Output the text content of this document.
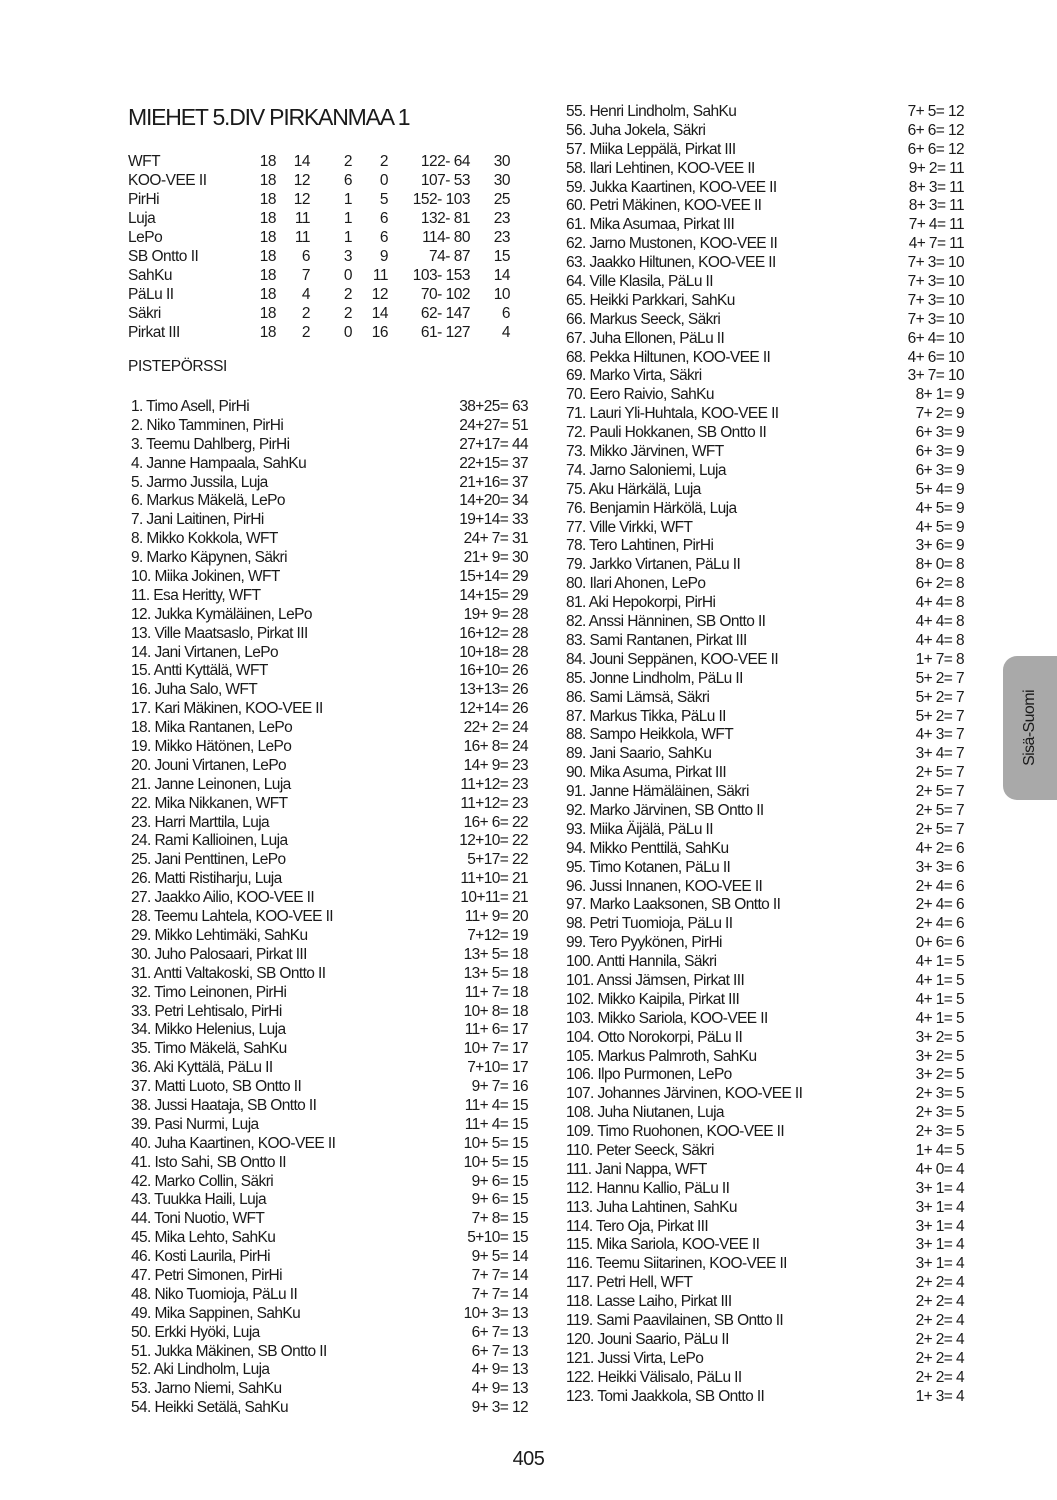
MIEHET 5.DIV PIRKANMAA 1
WFT	18	14	2	2	122- 64	30
KOO-VEE II	18	12	6	0	107- 53	30
PirHi	18	12	1	5	152- 103	25
Luja	18	11	1	6	132- 81	23
LePo	18	11	1	6	114- 80	23
SB Ontto II	18	6	3	9	74- 87	15
SahKu	18	7	0	11	103- 153	14
PäLu II	18	4	2	12	70- 102	10
Säkri	18	2	2	14	62- 147	6
Pirkat III	18	2	0	16	61- 127	4
PISTEPÖRSSI
1. Timo Asell, PirHi	38+25= 63
2. Niko Tamminen, PirHi	24+27= 51
3. Teemu Dahlberg, PirHi	27+17= 44
4. Janne Hampaala, SahKu	22+15= 37
5. Jarmo Jussila, Luja	21+16= 37
6. Markus Mäkelä, LePo	14+20= 34
7. Jani Laitinen, PirHi	19+14= 33
8. Mikko Kokkola, WFT	24+ 7= 31
9. Marko Käpynen, Säkri	21+ 9= 30
10. Miika Jokinen, WFT	15+14= 29
11. Esa Heritty, WFT	14+15= 29
12. Jukka Kymäläinen, LePo	19+ 9= 28
13. Ville Maatsaslo, Pirkat III	16+12= 28
14. Jani Virtanen, LePo	10+18= 28
15. Antti Kyttälä, WFT	16+10= 26
16. Juha Salo, WFT	13+13= 26
17. Kari Mäkinen, KOO-VEE II	12+14= 26
18. Mika Rantanen, LePo	22+ 2= 24
19. Mikko Hätönen, LePo	16+ 8= 24
20. Jouni Virtanen, LePo	14+ 9= 23
21. Janne Leinonen, Luja	11+12= 23
22. Mika Nikkanen, WFT	11+12= 23
23. Harri Marttila, Luja	16+ 6= 22
24. Rami Kallioinen, Luja	12+10= 22
25. Jani Penttinen, LePo	5+17= 22
26. Matti Ristiharju, Luja	11+10= 21
27. Jaakko Ailio, KOO-VEE II	10+11= 21
28. Teemu Lahtela, KOO-VEE II	11+ 9= 20
29. Mikko Lehtimäki, SahKu	7+12= 19
30. Juho Palosaari, Pirkat III	13+ 5= 18
31. Antti Valtakoski, SB Ontto II	13+ 5= 18
32. Timo Leinonen, PirHi	11+ 7= 18
33. Petri Lehtisalo, PirHi	10+ 8= 18
34. Mikko Helenius, Luja	11+ 6= 17
35. Timo Mäkelä, SahKu	10+ 7= 17
36. Aki Kyttälä, PäLu II	7+10= 17
37. Matti Luoto, SB Ontto II	9+ 7= 16
38. Jussi Haataja, SB Ontto II	11+ 4= 15
39. Pasi Nurmi, Luja	11+ 4= 15
40. Juha Kaartinen, KOO-VEE II	10+ 5= 15
41. Isto Sahi, SB Ontto II	10+ 5= 15
42. Marko Collin, Säkri	9+ 6= 15
43. Tuukka Haili, Luja	9+ 6= 15
44. Toni Nuotio, WFT	7+ 8= 15
45. Mika Lehto, SahKu	5+10= 15
46. Kosti Laurila, PirHi	9+ 5= 14
47. Petri Simonen, PirHi	7+ 7= 14
48. Niko Tuomioja, PäLu II	7+ 7= 14
49. Mika Sappinen, SahKu	10+ 3= 13
50. Erkki Hyöki, Luja	6+ 7= 13
51. Jukka Mäkinen, SB Ontto II	6+ 7= 13
52. Aki Lindholm, Luja	4+ 9= 13
53. Jarno Niemi, SahKu	4+ 9= 13
54. Heikki Setälä, SahKu	9+ 3= 12
55. Henri Lindholm, SahKu	7+ 5= 12
56. Juha Jokela, Säkri	6+ 6= 12
57. Miika Leppälä, Pirkat III	6+ 6= 12
58. Ilari Lehtinen, KOO-VEE II	9+ 2= 11
59. Jukka Kaartinen, KOO-VEE II	8+ 3= 11
60. Petri Mäkinen, KOO-VEE II	8+ 3= 11
61. Mika Asumaa, Pirkat III	7+ 4= 11
62. Jarno Mustonen, KOO-VEE II	4+ 7= 11
63. Jaakko Hiltunen, KOO-VEE II	7+ 3= 10
64. Ville Klasila, PäLu II	7+ 3= 10
65. Heikki Parkkari, SahKu	7+ 3= 10
66. Markus Seeck, Säkri	7+ 3= 10
67. Juha Ellonen, PäLu II	6+ 4= 10
68. Pekka Hiltunen, KOO-VEE II	4+ 6= 10
69. Marko Virta, Säkri	3+ 7= 10
70. Eero Raivio, SahKu	8+ 1= 9
71. Lauri Yli-Huhtala, KOO-VEE II	7+ 2= 9
72. Pauli Hokkanen, SB Ontto II	6+ 3= 9
73. Mikko Järvinen, WFT	6+ 3= 9
74. Jarno Saloniemi, Luja	6+ 3= 9
75. Aku Härkälä, Luja	5+ 4= 9
76. Benjamin Härkölä, Luja	4+ 5= 9
77. Ville Virkki, WFT	4+ 5= 9
78. Tero Lahtinen, PirHi	3+ 6= 9
79. Jarkko Virtanen, PäLu II	8+ 0= 8
80. Ilari Ahonen, LePo	6+ 2= 8
81. Aki Hepokorpi, PirHi	4+ 4= 8
82. Anssi Hänninen, SB Ontto II	4+ 4= 8
83. Sami Rantanen, Pirkat III	4+ 4= 8
84. Jouni Seppänen, KOO-VEE II	1+ 7= 8
85. Jonne Lindholm, PäLu II	5+ 2= 7
86. Sami Lämsä, Säkri	5+ 2= 7
87. Markus Tikka, PäLu II	5+ 2= 7
88. Sampo Heikkola, WFT	4+ 3= 7
89. Jani Saario, SahKu	3+ 4= 7
90. Mika Asuma, Pirkat III	2+ 5= 7
91. Janne Hämäläinen, Säkri	2+ 5= 7
92. Marko Järvinen, SB Ontto II	2+ 5= 7
93. Miika Äijälä, PäLu II	2+ 5= 7
94. Mikko Penttilä, SahKu	4+ 2= 6
95. Timo Kotanen, PäLu II	3+ 3= 6
96. Jussi Innanen, KOO-VEE II	2+ 4= 6
97. Marko Laaksonen, SB Ontto II	2+ 4= 6
98. Petri Tuomioja, PäLu II	2+ 4= 6
99. Tero Pyykönen, PirHi	0+ 6= 6
100. Antti Hannila, Säkri	4+ 1= 5
101. Anssi Jämsen, Pirkat III	4+ 1= 5
102. Mikko Kaipila, Pirkat III	4+ 1= 5
103. Mikko Sariola, KOO-VEE II	4+ 1= 5
104. Otto Norokorpi, PäLu II	3+ 2= 5
105. Markus Palmroth, SahKu	3+ 2= 5
106. Ilpo Purmonen, LePo	3+ 2= 5
107. Johannes Järvinen, KOO-VEE II	2+ 3= 5
108. Juha Niutanen, Luja	2+ 3= 5
109. Timo Ruohonen, KOO-VEE II	2+ 3= 5
110. Peter Seeck, Säkri	1+ 4= 5
111. Jani Nappa, WFT	4+ 0= 4
112. Hannu Kallio, PäLu II	3+ 1= 4
113. Juha Lahtinen, SahKu	3+ 1= 4
114. Tero Oja, Pirkat III	3+ 1= 4
115. Mika Sariola, KOO-VEE II	3+ 1= 4
116. Teemu Siitarinen, KOO-VEE II	3+ 1= 4
117. Petri Hell, WFT	2+ 2= 4
118. Lasse Laiho, Pirkat III	2+ 2= 4
119. Sami Paavilainen, SB Ontto II	2+ 2= 4
120. Jouni Saario, PäLu II	2+ 2= 4
121. Jussi Virta, LePo	2+ 2= 4
122. Heikki Välisalo, PäLu II	2+ 2= 4
123. Tomi Jaakkola, SB Ontto II	1+ 3= 4
405
Sisä-Suomi
